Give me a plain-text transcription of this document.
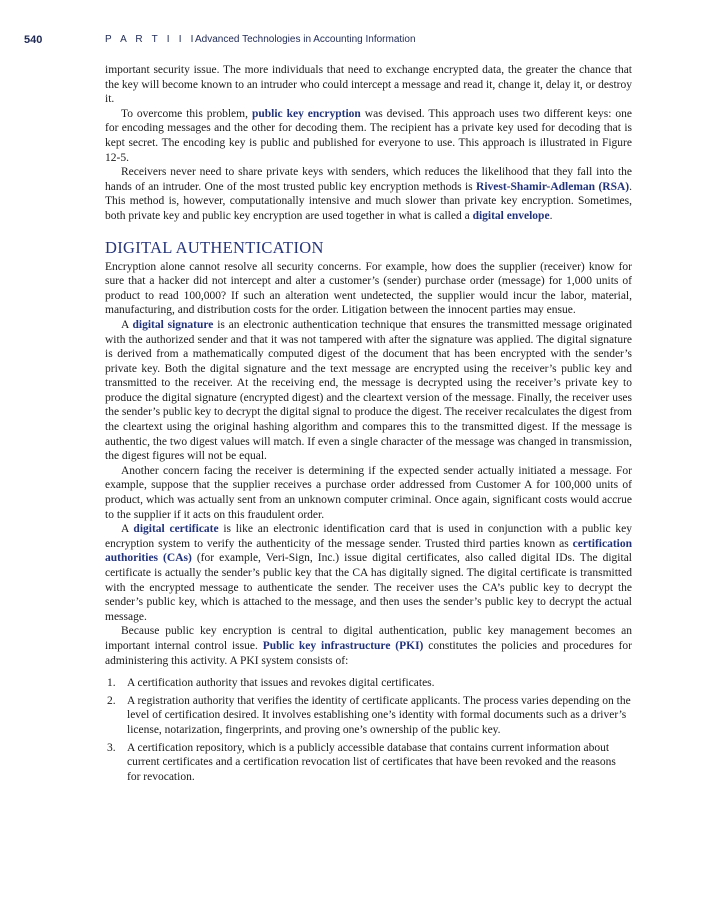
540	P A R T I I I
Advanced Technologies in Accounting Information

important security issue. The more individuals that need to exchange encrypted data, the greater the chance that the key will become known to an intruder who could intercept a message and read it, change it, delay it, or destroy it.

To overcome this problem, public key encryption was devised. This approach uses two different keys: one for encoding messages and the other for decoding them. The recipient has a private key used for decoding that is kept secret. The encoding key is public and published for everyone to use. This approach is illustrated in Figure 12-5.

Receivers never need to share private keys with senders, which reduces the likelihood that they fall into the hands of an intruder. One of the most trusted public key encryption methods is Rivest-Shamir-Adleman (RSA). This method is, however, computationally intensive and much slower than private key encryption. Sometimes, both private key and public key encryption are used together in what is called a digital envelope.

DIGITAL AUTHENTICATION

Encryption alone cannot resolve all security concerns. For example, how does the supplier (receiver) know for sure that a hacker did not intercept and alter a customer’s (sender) purchase order (message) for 1,000 units of product to read 100,000? If such an alteration went undetected, the supplier would incur the labor, material, manufacturing, and distribution costs for the order. Litigation between the innocent parties may ensue.

A digital signature is an electronic authentication technique that ensures the transmitted message originated with the authorized sender and that it was not tampered with after the signature was applied. The digital signature is derived from a mathematically computed digest of the document that has been encrypted with the sender’s private key. Both the digital signature and the text message are encrypted using the receiver’s public key and transmitted to the receiver. At the receiving end, the message is decrypted using the receiver’s private key to produce the digital signature (encrypted digest) and the cleartext version of the message. Finally, the receiver uses the sender’s public key to decrypt the digital signal to produce the digest. The receiver recalculates the digest from the cleartext using the original hashing algorithm and compares this to the transmitted digest. If the message is authentic, the two digest values will match. If even a single character of the message was changed in transmission, the digest figures will not be equal.

Another concern facing the receiver is determining if the expected sender actually initiated a message. For example, suppose that the supplier receives a purchase order addressed from Customer A for 100,000 units of product, which was actually sent from an unknown computer criminal. Once again, significant costs would accrue to the supplier if it acts on this fraudulent order.

A digital certificate is like an electronic identification card that is used in conjunction with a public key encryption system to verify the authenticity of the message sender. Trusted third parties known as certification authorities (CAs) (for example, Veri-Sign, Inc.) issue digital certificates, also called digital IDs. The digital certificate is actually the sender’s public key that the CA has digitally signed. The digital certificate is transmitted with the encrypted message to authenticate the sender. The receiver uses the CA’s public key to decrypt the sender’s public key, which is attached to the message, and then uses the sender’s public key to decrypt the actual message.

Because public key encryption is central to digital authentication, public key management becomes an important internal control issue. Public key infrastructure (PKI) constitutes the policies and procedures for administering this activity. A PKI system consists of:

1. A certification authority that issues and revokes digital certificates.
2. A registration authority that verifies the identity of certificate applicants. The process varies depending on the level of certification desired. It involves establishing one’s identity with formal documents such as a driver’s license, notarization, fingerprints, and proving one’s ownership of the public key.
3. A certification repository, which is a publicly accessible database that contains current information about current certificates and a certification revocation list of certificates that have been revoked and the reasons for revocation.
